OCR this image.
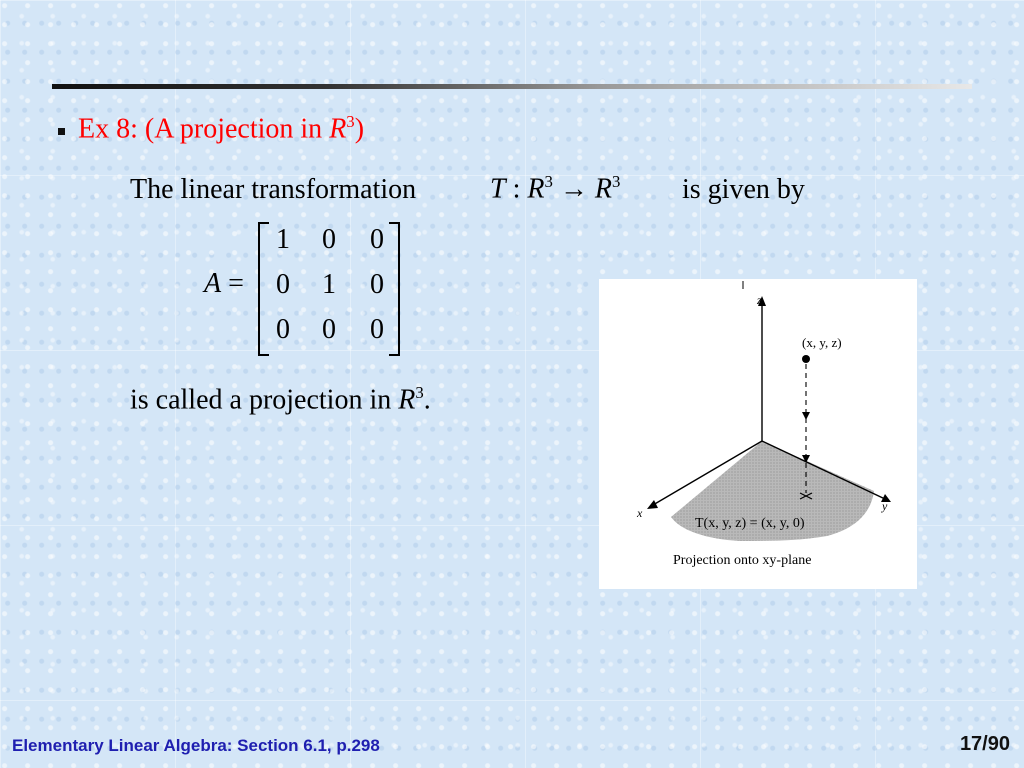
Ex 8: (A projection in $R^3$)
The linear transformation	T : $R^3 \to R^3$ is given by
A =
1 0 0
0 1 0
0 0 0
is called a projection in $R^3$.
z
x	y
(x, y, z)
T(x, y, z) = (x, y, 0)
Projection onto xy-plane
Elementary Linear Algebra: Section 6.1, p.298	17/90
